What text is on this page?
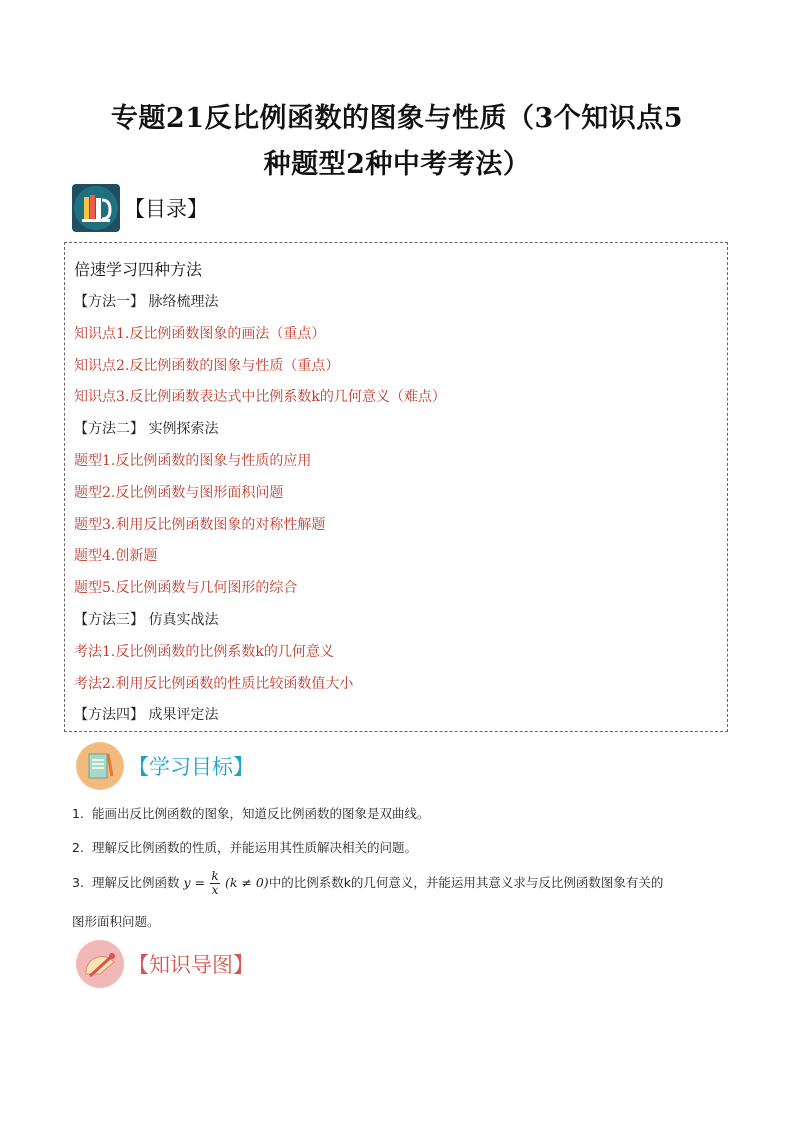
专题21反比例函数的图象与性质（3个知识点5
种题型2种中考考法）
【目录】
倍速学习四种方法
【方法一】 脉络梳理法
知识点1.反比例函数图象的画法（重点）
知识点2.反比例函数的图象与性质（重点）
知识点3.反比例函数表达式中比例系数k的几何意义（难点）
【方法二】 实例探索法
题型1.反比例函数的图象与性质的应用
题型2.反比例函数与图形面积问题
题型3.利用反比例函数图象的对称性解题
题型4.创新题
题型5.反比例函数与几何图形的综合
【方法三】 仿真实战法
考法1.反比例函数的比例系数k的几何意义
考法2.利用反比例函数的性质比较函数值大小
【方法四】 成果评定法
【学习目标】
1. 能画出反比例函数的图象，知道反比例函数的图象是双曲线。
2. 理解反比例函数的性质，并能运用其性质解决相关的问题。
3. 理解反比例函数 $y = \frac{k}{x} (k \ne 0)$中的比例系数k的几何意义，并能运用其意义求与反比例函数图象有关的
图形面积问题。
【知识导图】
